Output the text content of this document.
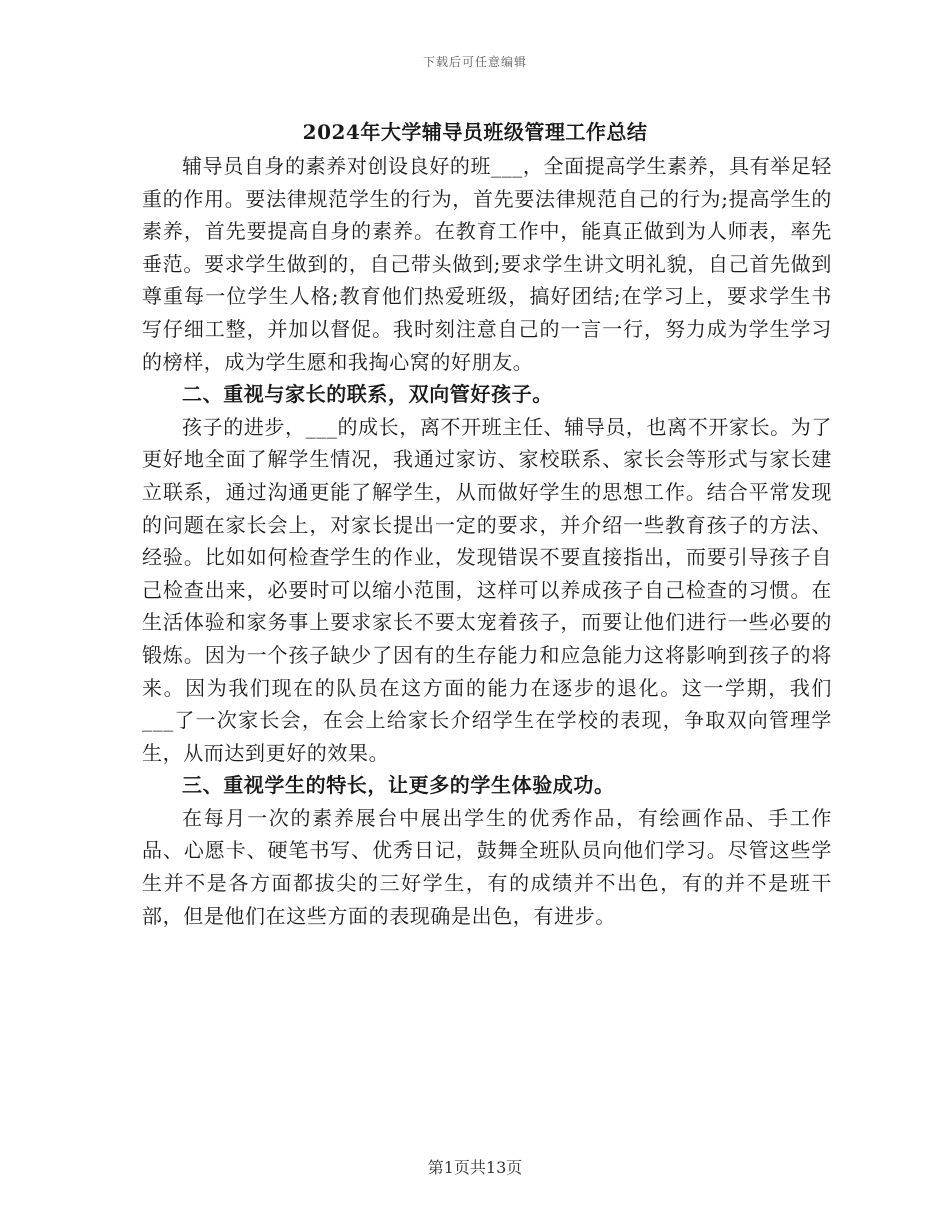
下载后可任意编辑
2024年大学辅导员班级管理工作总结

辅导员自身的素养对创设良好的班___，全面提高学生素养，具有举足轻重的作用。要法律规范学生的行为，首先要法律规范自己的行为;提高学生的素养，首先要提高自身的素养。在教育工作中，能真正做到为人师表，率先垂范。要求学生做到的，自己带头做到;要求学生讲文明礼貌，自己首先做到尊重每一位学生人格;教育他们热爱班级，搞好团结;在学习上，要求学生书写仔细工整，并加以督促。我时刻注意自己的一言一行，努力成为学生学习的榜样，成为学生愿和我掏心窝的好朋友。

二、重视与家长的联系，双向管好孩子。

孩子的进步，___的成长，离不开班主任、辅导员，也离不开家长。为了更好地全面了解学生情况，我通过家访、家校联系、家长会等形式与家长建立联系，通过沟通更能了解学生，从而做好学生的思想工作。结合平常发现的问题在家长会上，对家长提出一定的要求，并介绍一些教育孩子的方法、经验。比如如何检查学生的作业，发现错误不要直接指出，而要引导孩子自己检查出来，必要时可以缩小范围，这样可以养成孩子自己检查的习惯。在生活体验和家务事上要求家长不要太宠着孩子，而要让他们进行一些必要的锻炼。因为一个孩子缺少了因有的生存能力和应急能力这将影响到孩子的将来。因为我们现在的队员在这方面的能力在逐步的退化。这一学期，我们___了一次家长会，在会上给家长介绍学生在学校的表现，争取双向管理学生，从而达到更好的效果。

三、重视学生的特长，让更多的学生体验成功。

在每月一次的素养展台中展出学生的优秀作品，有绘画作品、手工作品、心愿卡、硬笔书写、优秀日记，鼓舞全班队员向他们学习。尽管这些学生并不是各方面都拔尖的三好学生，有的成绩并不出色，有的并不是班干部，但是他们在这些方面的表现确是出色，有进步。

第1页共13页
